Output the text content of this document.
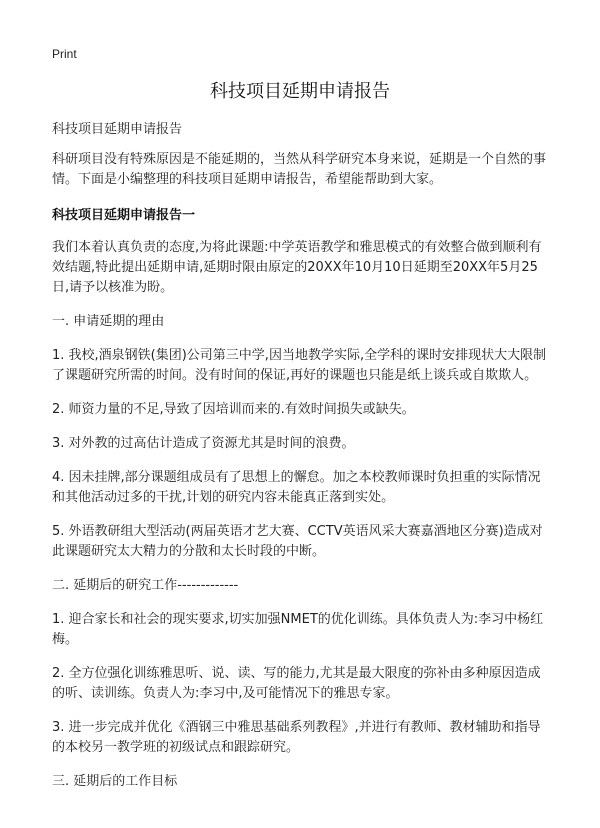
Print
科技项目延期申请报告

科技项目延期申请报告

科研项目没有特殊原因是不能延期的，当然从科学研究本身来说，延期是一个自然的事情。下面是小编整理的科技项目延期申请报告，希望能帮助到大家。

科技项目延期申请报告一

我们本着认真负责的态度,为将此课题:中学英语教学和雅思模式的有效整合做到顺利有效结题,特此提出延期申请,延期时限由原定的20XX年10月10日延期至20XX年5月25日,请予以核准为盼。

一. 申请延期的理由

1. 我校,酒泉钢铁(集团)公司第三中学,因当地教学实际,全学科的课时安排现状大大限制了课题研究所需的时间。没有时间的保证,再好的课题也只能是纸上谈兵或自欺欺人。

2. 师资力量的不足,导致了因培训而来的.有效时间损失或缺失。

3. 对外教的过高估计造成了资源尤其是时间的浪费。

4. 因未挂牌,部分课题组成员有了思想上的懈怠。加之本校教师课时负担重的实际情况和其他活动过多的干扰,计划的研究内容未能真正落到实处。

5. 外语教研组大型活动(两届英语才艺大赛、CCTV英语风采大赛嘉酒地区分赛)造成对此课题研究太大精力的分散和太长时段的中断。

二. 延期后的研究工作-------------

1. 迎合家长和社会的现实要求,切实加强NMET的优化训练。具体负责人为:李习中杨红梅。

2. 全方位强化训练雅思听、说、读、写的能力,尤其是最大限度的弥补由多种原因造成的听、读训练。负责人为:李习中,及可能情况下的雅思专家。

3. 进一步完成并优化《酒钢三中雅思基础系列教程》,并进行有教师、教材辅助和指导的本校另一教学班的初级试点和跟踪研究。

三. 延期后的工作目标
